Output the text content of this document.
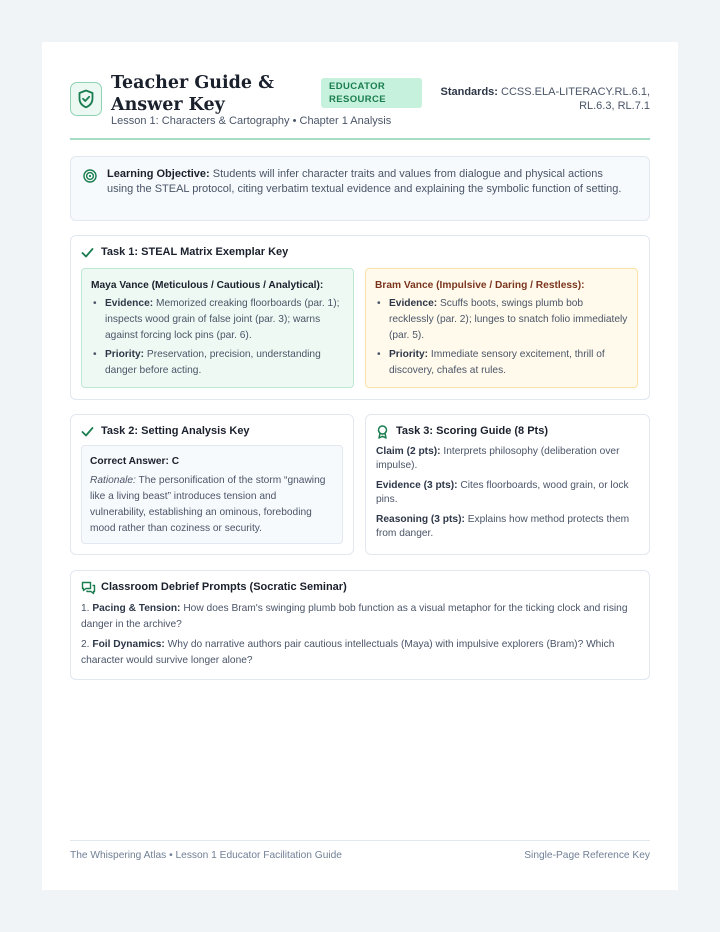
Teacher Guide & Answer Key
EDUCATOR RESOURCE
Standards: CCSS.ELA-LITERACY.RL.6.1, RL.6.3, RL.7.1
Lesson 1: Characters & Cartography • Chapter 1 Analysis
Learning Objective: Students will infer character traits and values from dialogue and physical actions using the STEAL protocol, citing verbatim textual evidence and explaining the symbolic function of setting.
Task 1: STEAL Matrix Exemplar Key
Maya Vance (Meticulous / Cautious / Analytical):
• Evidence: Memorized creaking floorboards (par. 1); inspects wood grain of false joint (par. 3); warns against forcing lock pins (par. 6).
• Priority: Preservation, precision, understanding danger before acting.
Bram Vance (Impulsive / Daring / Restless):
• Evidence: Scuffs boots, swings plumb bob recklessly (par. 2); lunges to snatch folio immediately (par. 5).
• Priority: Immediate sensory excitement, thrill of discovery, chafes at rules.
Task 2: Setting Analysis Key
Correct Answer: C
Rationale: The personification of the storm “gnawing like a living beast” introduces tension and vulnerability, establishing an ominous, foreboding mood rather than coziness or security.
Task 3: Scoring Guide (8 Pts)

Claim (2 pts): Interprets philosophy (deliberation over impulse).

Evidence (3 pts): Cites floorboards, wood grain, or lock pins.

Reasoning (3 pts): Explains how method protects them from danger.

Classroom Debrief Prompts (Socratic Seminar)

1. Pacing & Tension: How does Bram's swinging plumb bob function as a visual metaphor for the ticking clock and rising danger in the archive?

2. Foil Dynamics: Why do narrative authors pair cautious intellectuals (Maya) with impulsive explorers (Bram)? Which character would survive longer alone?

The Whispering Atlas • Lesson 1 Educator Facilitation Guide	Single-Page Reference Key
